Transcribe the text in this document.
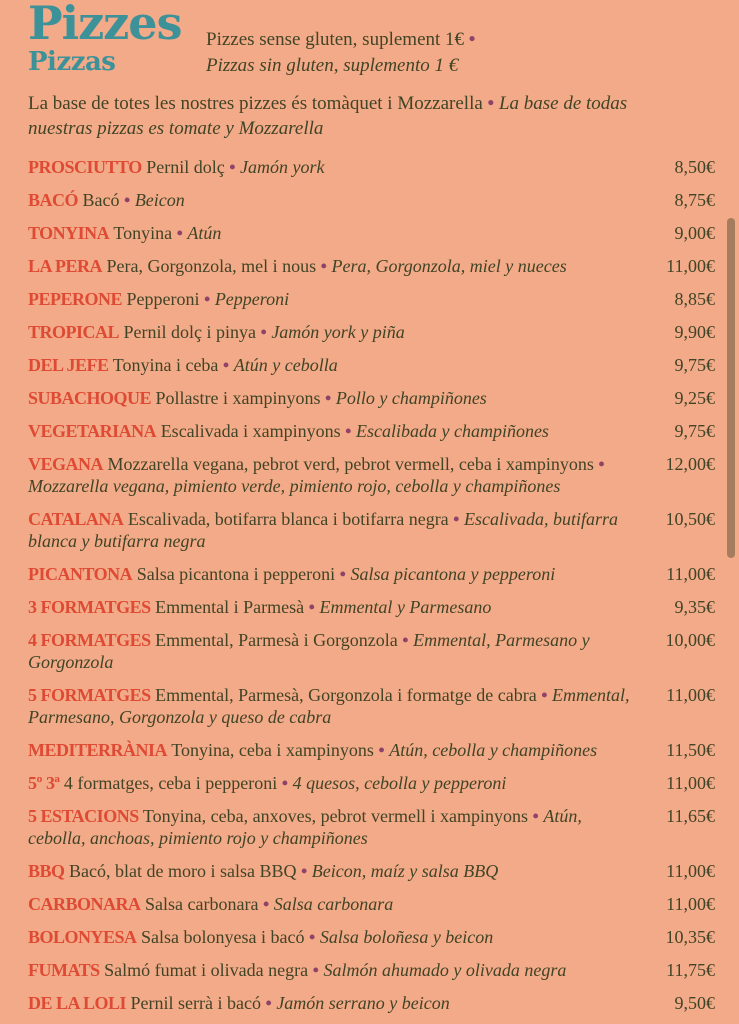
Pizzes
Pizzas
Pizzes sense gluten, suplement 1€ •
Pizzas sin gluten, suplemento 1 €

La base de totes les nostres pizzes és tomàquet i Mozzarella • La base de todas nuestras pizzas es tomate y Mozzarella

PROSCIUTTO Pernil dolç • Jamón york	8,50€
BACÓ Bacó • Beicon	8,75€
TONYINA Tonyina • Atún	9,00€
LA PERA Pera, Gorgonzola, mel i nous • Pera, Gorgonzola, miel y nueces	11,00€
PEPERONE Pepperoni • Pepperoni	8,85€
TROPICAL Pernil dolç i pinya • Jamón york y piña	9,90€
DEL JEFE Tonyina i ceba • Atún y cebolla	9,75€
SUBACHOQUE Pollastre i xampinyons • Pollo y champiñones	9,25€
VEGETARIANA Escalivada i xampinyons • Escalibada y champiñones	9,75€
VEGANA Mozzarella vegana, pebrot verd, pebrot vermell, ceba i xampinyons • Mozzarella vegana, pimiento verde, pimiento rojo, cebolla y champiñones
12,00€
CATALANA Escalivada, botifarra blanca i botifarra negra • Escalivada, butifarra blanca y butifarra negra
10,50€
PICANTONA Salsa picantona i pepperoni • Salsa picantona y pepperoni	11,00€
3 FORMATGES Emmental i Parmesà • Emmental y Parmesano	9,35€
4 FORMATGES Emmental, Parmesà i Gorgonzola • Emmental, Parmesano y Gorgonzola
10,00€
5 FORMATGES Emmental, Parmesà, Gorgonzola i formatge de cabra • Emmental, Parmesano, Gorgonzola y queso de cabra
11,00€
MEDITERRÀNIA Tonyina, ceba i xampinyons • Atún, cebolla y champiñones	11,50€
5º 3ª 4 formatges, ceba i pepperoni • 4 quesos, cebolla y pepperoni	11,00€
5 ESTACIONS Tonyina, ceba, anxoves, pebrot vermell i xampinyons • Atún, cebolla, anchoas, pimiento rojo y champiñones
11,65€
BBQ Bacó, blat de moro i salsa BBQ • Beicon, maíz y salsa BBQ	11,00€
CARBONARA Salsa carbonara • Salsa carbonara	11,00€
BOLONYESA Salsa bolonyesa i bacó • Salsa boloñesa y beicon	10,35€
FUMATS Salmó fumat i olivada negra • Salmón ahumado y olivada negra	11,75€
DE LA LOLI Pernil serrà i bacó • Jamón serrano y beicon	9,50€
